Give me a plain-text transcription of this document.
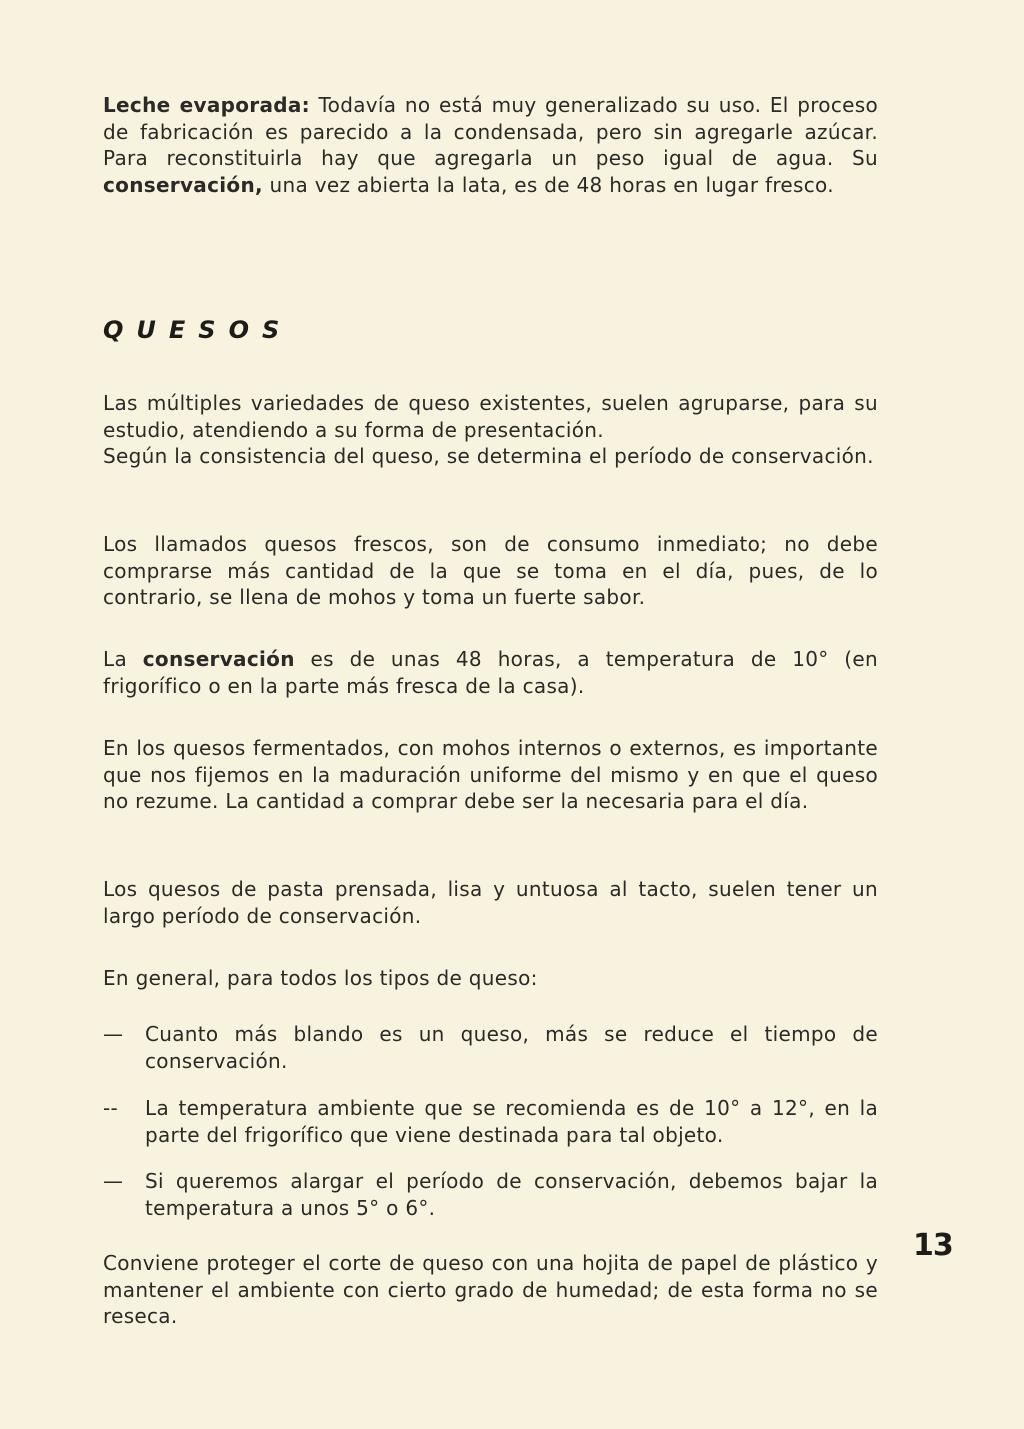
Leche evaporada: Todavía no está muy generalizado su uso. El proceso de fabricación es parecido a la condensada, pero sin agregarle azúcar. Para reconstituirla hay que agregarla un peso igual de agua. Su conservación, una vez abierta la lata, es de 48 horas en lugar fresco.

QUESOS

Las múltiples variedades de queso existentes, suelen agruparse, para su estudio, atendiendo a su forma de presentación.

Según la consistencia del queso, se determina el período de conservación.

Los llamados quesos frescos, son de consumo inmediato; no debe comprarse más cantidad de la que se toma en el día, pues, de lo contrario, se llena de mohos y toma un fuerte sabor.

La conservación es de unas 48 horas, a temperatura de 10° (en frigorífico o en la parte más fresca de la casa).

En los quesos fermentados, con mohos internos o externos, es importante que nos fijemos en la maduración uniforme del mismo y en que el queso no rezume. La cantidad a comprar debe ser la necesaria para el día.

Los quesos de pasta prensada, lisa y untuosa al tacto, suelen tener un largo período de conservación.

En general, para todos los tipos de queso:

—	Cuanto más blando es un queso, más se reduce el tiempo de conservación.
--	La temperatura ambiente que se recomienda es de 10° a 12°, en la parte del frigorífico que viene destinada para tal objeto.
—	Si queremos alargar el período de conservación, debemos bajar la temperatura a unos 5° o 6°.

Conviene proteger el corte de queso con una hojita de papel de plástico y mantener el ambiente con cierto grado de humedad; de esta forma no se reseca.

13
